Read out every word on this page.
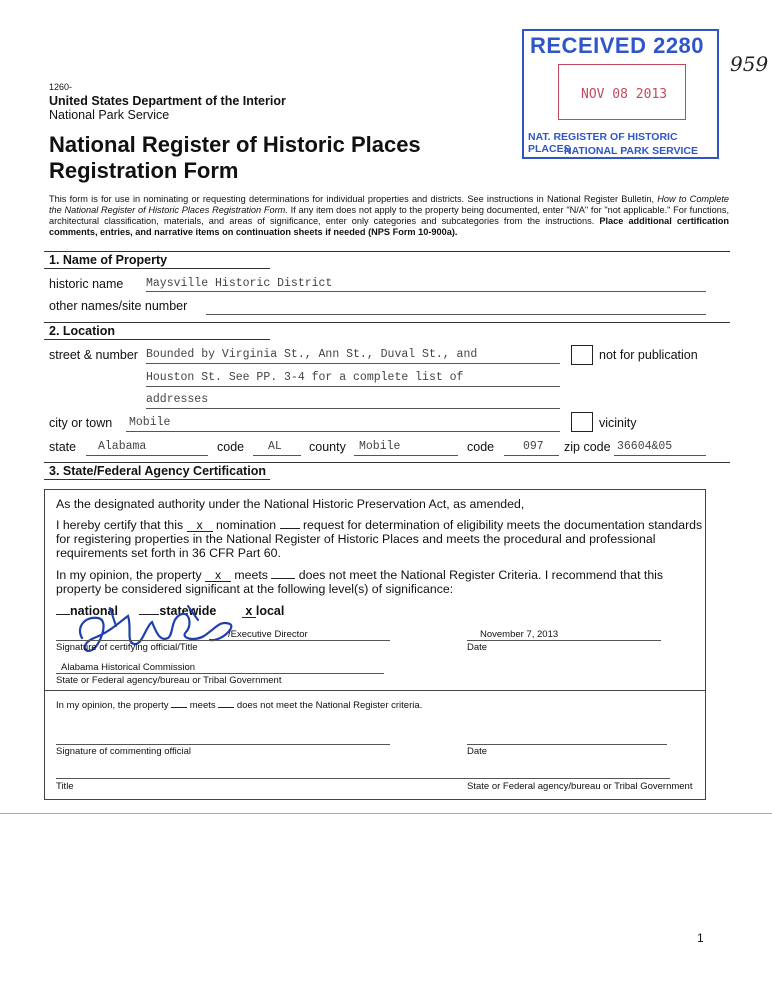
1260-
United States Department of the Interior
National Park Service
National Register of Historic Places
Registration Form
RECEIVED 2280
NOV 08 2013
NAT. REGISTER OF HISTORIC PLACES
NATIONAL PARK SERVICE
959
This form is for use in nominating or requesting determinations for individual properties and districts. See instructions in National Register Bulletin, How to Complete the National Register of Historic Places Registration Form. If any item does not apply to the property being documented, enter "N/A" for "not applicable." For functions, architectural classification, materials, and areas of significance, enter only categories and subcategories from the instructions. Place additional certification comments, entries, and narrative items on continuation sheets if needed (NPS Form 10-900a).
1. Name of Property
historic name Maysville Historic District
other names/site number
2. Location
street & number Bounded by Virginia St., Ann St., Duval St., and
Houston St. See PP. 3-4 for a complete list of
addresses
not for publication
city or town Mobile	vicinity
state Alabama	code AL county Mobile	code	097 zip code 36604&05
3. State/Federal Agency Certification
As the designated authority under the National Historic Preservation Act, as amended,
I hereby certify that this x nomination  request for determination of eligibility meets the documentation standards for registering properties in the National Register of Historic Places and meets the procedural and professional requirements set forth in 36 CFR Part 60.
In my opinion, the property x meets  does not meet the National Register Criteria. I recommend that this property be considered significant at the following level(s) of significance:
national	statewide x local
/Executive Director
Signature of certifying official/Title
November 7, 2013
Date
Alabama Historical Commission
State or Federal agency/bureau or Tribal Government
In my opinion, the property  meets  does not meet the National Register criteria.
Signature of commenting official	Date
Title	State or Federal agency/bureau or Tribal Government
1
